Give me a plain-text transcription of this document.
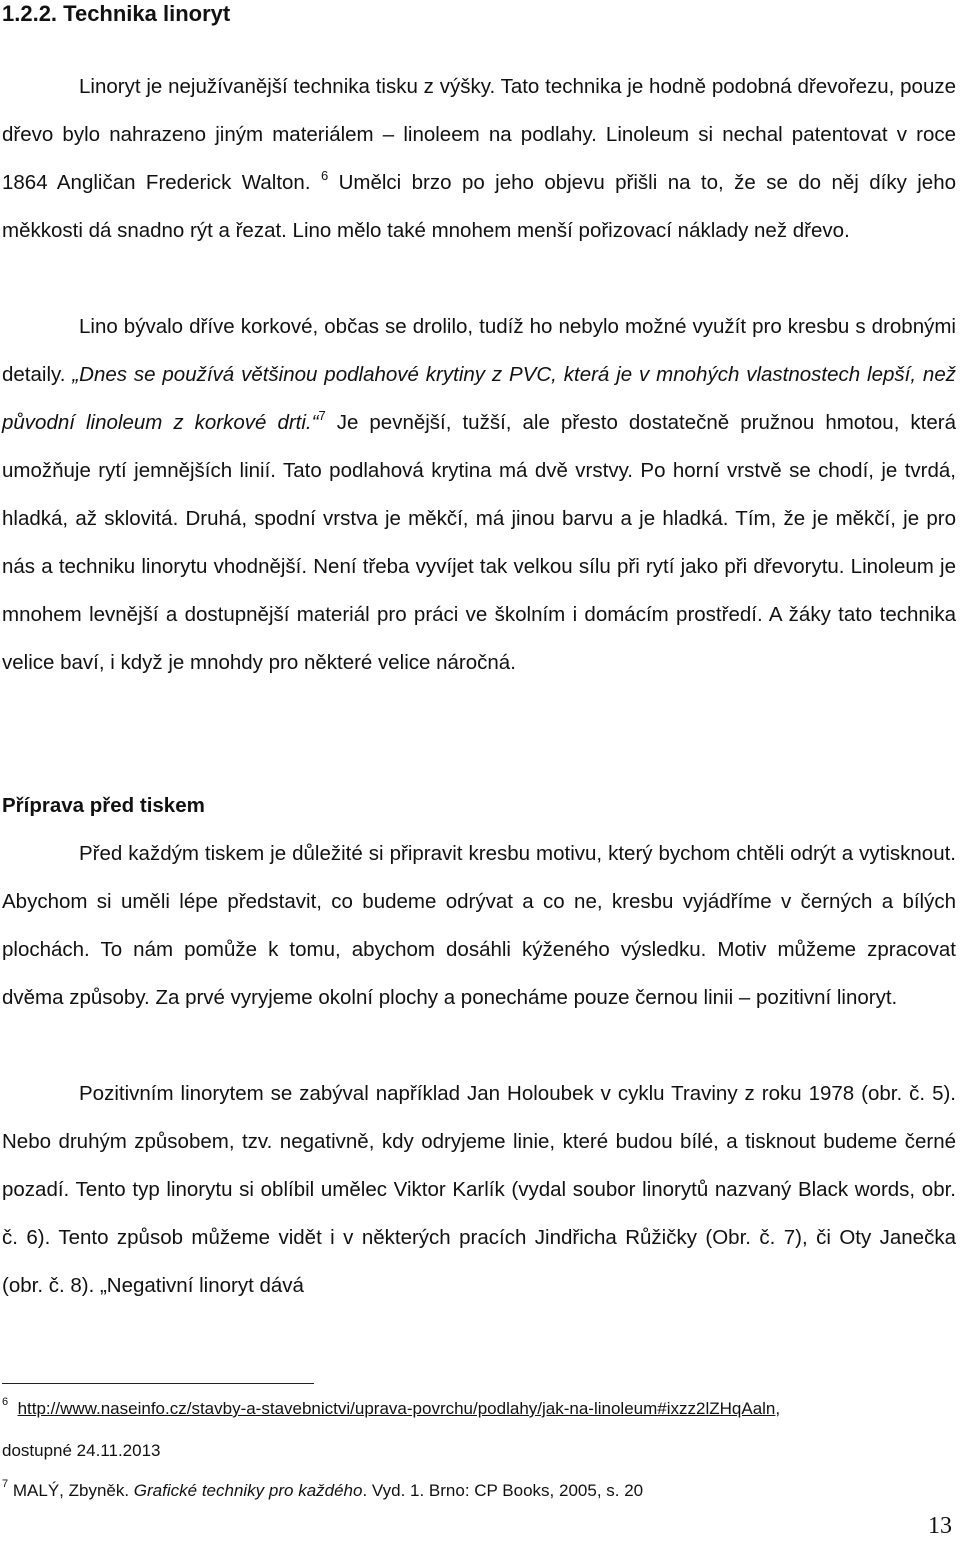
1.2.2. Technika linoryt

Linoryt je nejužívanější technika tisku z výšky. Tato technika je hodně podobná dřevořezu, pouze dřevo bylo nahrazeno jiným materiálem – linoleem na podlahy. Linoleum si nechal patentovat v roce 1864 Angličan Frederick Walton. $^6$ Umělci brzo po jeho objevu přišli na to, že se do něj díky jeho měkkosti dá snadno rýt a řezat. Lino mělo také mnohem menší pořizovací náklady než dřevo.

Lino bývalo dříve korkové, občas se drolilo, tudíž ho nebylo možné využít pro kresbu s drobnými detaily. „Dnes se používá většinou podlahové krytiny z PVC, která je v mnohých vlastnostech lepší, než původní linoleum z korkové drti.“$^7$ Je pevnější, tužší, ale přesto dostatečně pružnou hmotou, která umožňuje rytí jemnějších linií. Tato podlahová krytina má dvě vrstvy. Po horní vrstvě se chodí, je tvrdá, hladká, až sklovitá. Druhá, spodní vrstva je měkčí, má jinou barvu a je hladká. Tím, že je měkčí, je pro nás a techniku linorytu vhodnější. Není třeba vyvíjet tak velkou sílu při rytí jako při dřevorytu. Linoleum je mnohem levnější a dostupnější materiál pro práci ve školním i domácím prostředí. A žáky tato technika velice baví, i když je mnohdy pro některé velice náročná.

Příprava před tiskem

Před každým tiskem je důležité si připravit kresbu motivu, který bychom chtěli odrýt a vytisknout. Abychom si uměli lépe představit, co budeme odrývat a co ne, kresbu vyjádříme v černých a bílých plochách. To nám pomůže k tomu, abychom dosáhli kýženého výsledku. Motiv můžeme zpracovat dvěma způsoby. Za prvé vyryjeme okolní plochy a ponecháme pouze černou linii – pozitivní linoryt.

Pozitivním linorytem se zabýval například Jan Holoubek v cyklu Traviny z roku 1978 (obr. č. 5). Nebo druhým způsobem, tzv. negativně, kdy odryjeme linie, které budou bílé, a tisknout budeme černé pozadí. Tento typ linorytu si oblíbil umělec Viktor Karlík (vydal soubor linorytů nazvaný Black words, obr. č. 6). Tento způsob můžeme vidět i v některých pracích Jindřicha Růžičky (Obr. č. 7), či Oty Janečka (obr. č. 8). „Negativní linoryt dává

$^6$ http://www.naseinfo.cz/stavby-a-stavebnictvi/uprava-povrchu/podlahy/jak-na-linoleum#ixzz2lZHqAaln,

dostupné 24.11.2013

$^7$ MALÝ, Zbyněk. Grafické techniky pro každého. Vyd. 1. Brno: CP Books, 2005, s. 20

13
